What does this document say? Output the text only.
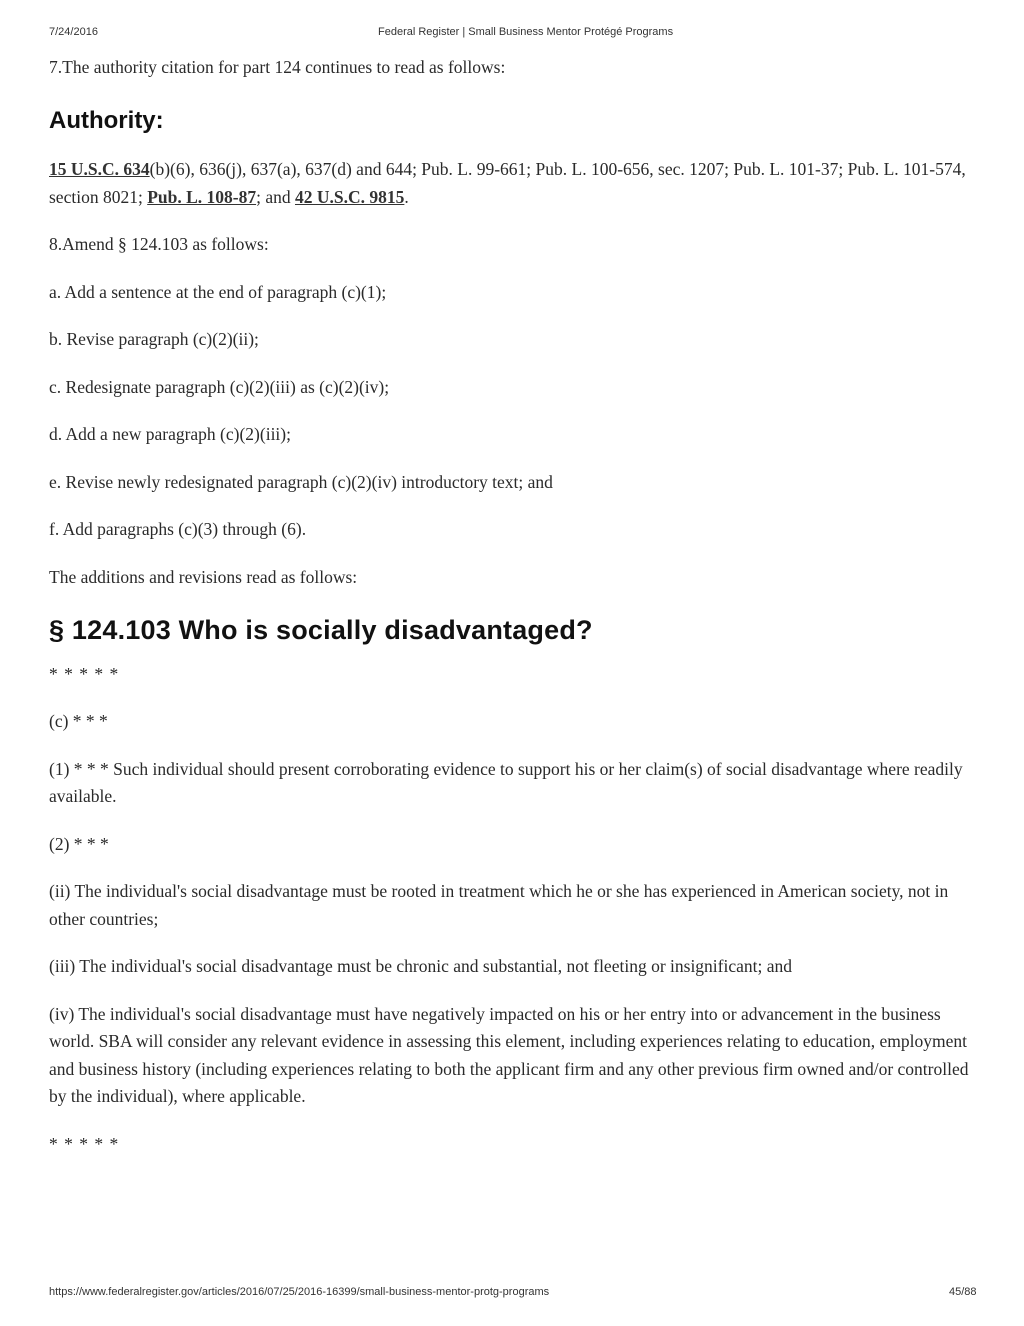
7/24/2016	Federal Register | Small Business Mentor Protégé Programs

7.The authority citation for part 124 continues to read as follows:

Authority:

15 U.S.C. 634(b)(6), 636(j), 637(a), 637(d) and 644; Pub. L. 99-661; Pub. L. 100-656, sec. 1207; Pub. L. 101-37; Pub. L. 101-574, section 8021; Pub. L. 108-87; and 42 U.S.C. 9815.

8.Amend § 124.103 as follows:

a. Add a sentence at the end of paragraph (c)(1);

b. Revise paragraph (c)(2)(ii);

c. Redesignate paragraph (c)(2)(iii) as (c)(2)(iv);

d. Add a new paragraph (c)(2)(iii);

e. Revise newly redesignated paragraph (c)(2)(iv) introductory text; and

f. Add paragraphs (c)(3) through (6).

The additions and revisions read as follows:

§ 124.103 Who is socially disadvantaged?

* * * * *

(c) * * *

(1) * * * Such individual should present corroborating evidence to support his or her claim(s) of social disadvantage where readily available.

(2) * * *

(ii) The individual's social disadvantage must be rooted in treatment which he or she has experienced in American society, not in other countries;

(iii) The individual's social disadvantage must be chronic and substantial, not fleeting or insignificant; and

(iv) The individual's social disadvantage must have negatively impacted on his or her entry into or advancement in the business world. SBA will consider any relevant evidence in assessing this element, including experiences relating to education, employment and business history (including experiences relating to both the applicant firm and any other previous firm owned and/or controlled by the individual), where applicable.

* * * * *

https://www.federalregister.gov/articles/2016/07/25/2016-16399/small-business-mentor-protg-programs	45/88
